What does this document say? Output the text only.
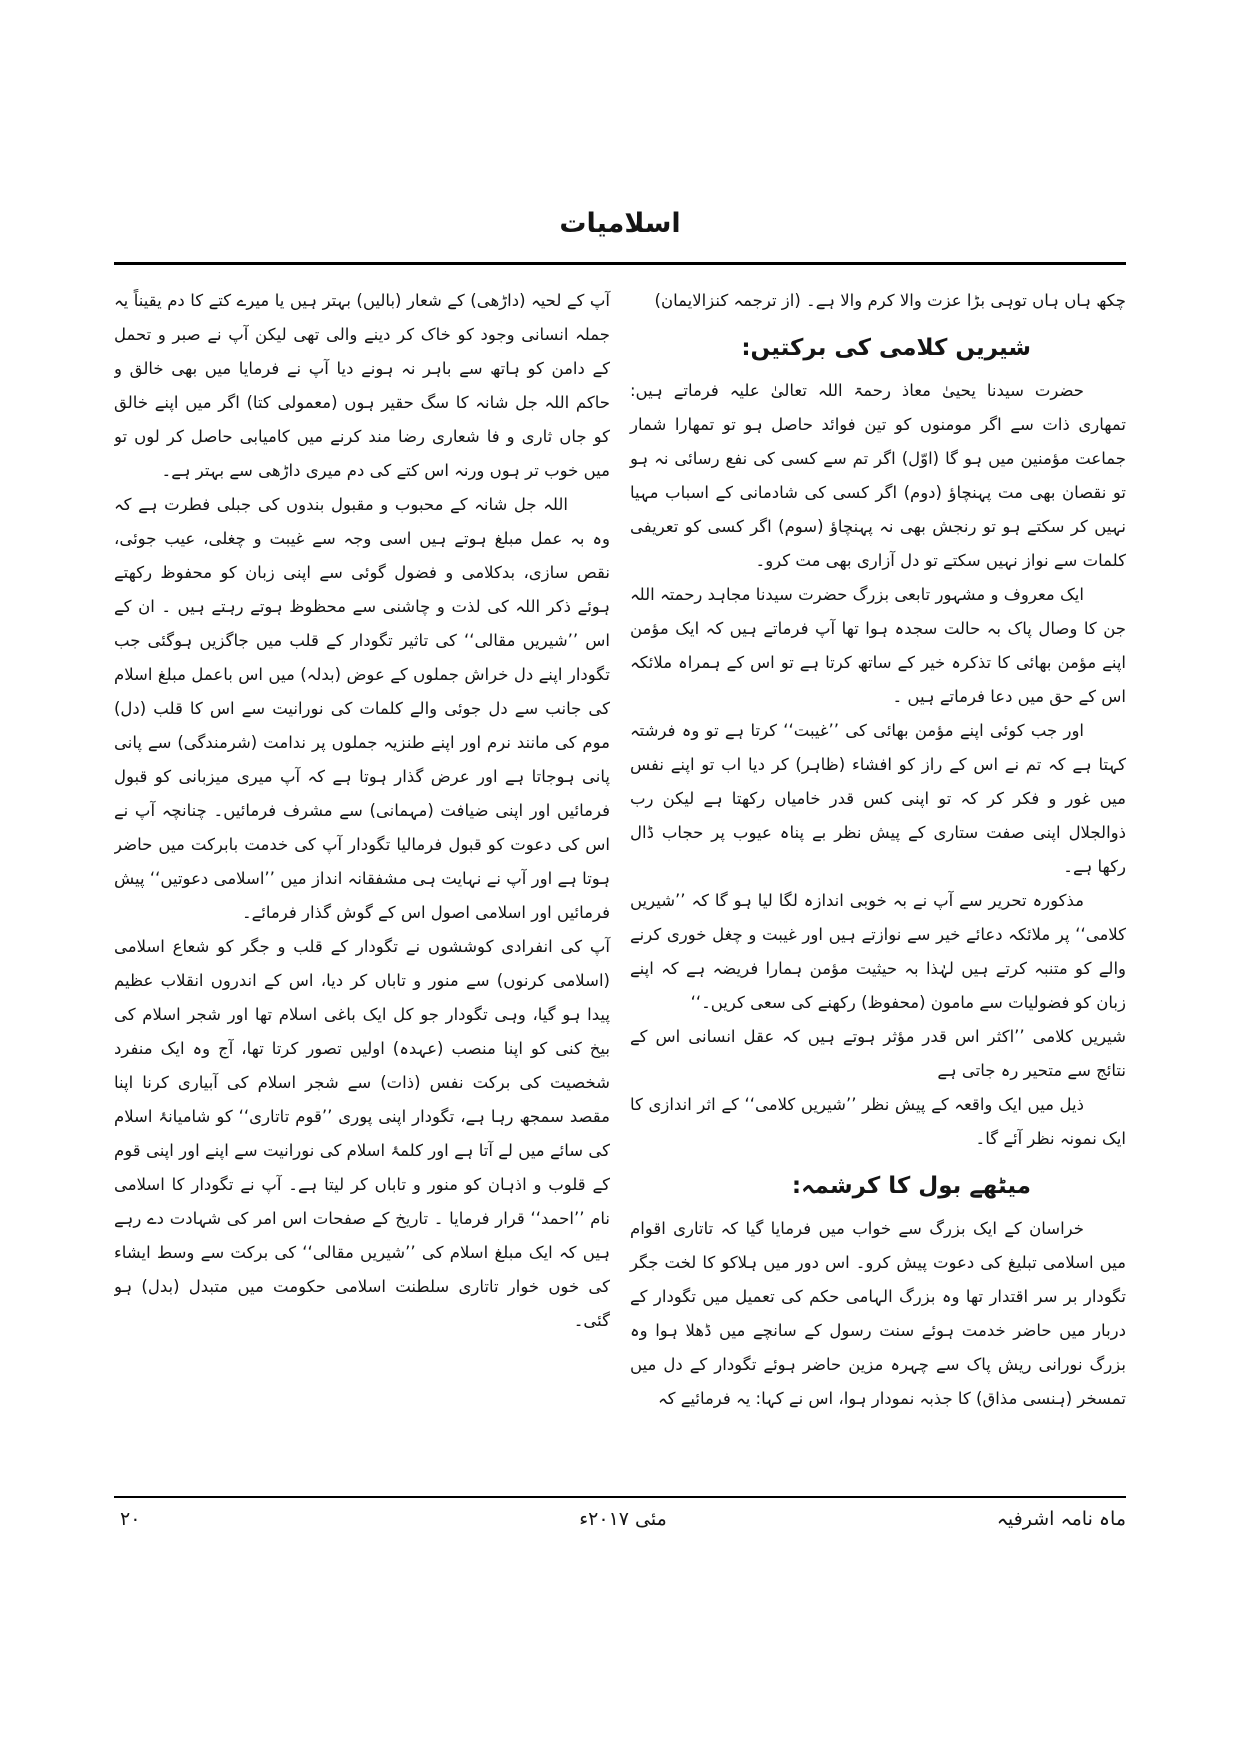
اسلامیات

چکھ ہاں ہاں توہی بڑا عزت والا کرم والا ہے۔ (از ترجمہ کنزالایمان)

شیریں کلامی کی برکتیں:

حضرت سیدنا یحییٰ معاذ رحمۃ اللہ تعالیٰ علیہ فرماتے ہیں: تمھاری ذات سے اگر مومنوں کو تین فوائد حاصل ہو تو تمھارا شمار جماعت مؤمنین میں ہو گا (اوّل) اگر تم سے کسی کی نفع رسائی نہ ہو تو نقصان بھی مت پہنچاؤ (دوم) اگر کسی کی شادمانی کے اسباب مہیا نہیں کر سکتے ہو تو رنجش بھی نہ پہنچاؤ (سوم) اگر کسی کو تعریفی کلمات سے نواز نہیں سکتے تو دل آزاری بھی مت کرو۔

ایک معروف و مشہور تابعی بزرگ حضرت سیدنا مجاہد رحمتہ اللہ جن کا وصال پاک بہ حالت سجدہ ہوا تھا آپ فرماتے ہیں کہ ایک مؤمن اپنے مؤمن بھائی کا تذکرہ خیر کے ساتھ کرتا ہے تو اس کے ہمراہ ملائکہ اس کے حق میں دعا فرماتے ہیں ۔

اور جب کوئی اپنے مؤمن بھائی کی ’’غیبت‘‘ کرتا ہے تو وہ فرشتہ کہتا ہے کہ تم نے اس کے راز کو افشاء (ظاہر) کر دیا اب تو اپنے نفس میں غور و فکر کر کہ تو اپنی کس قدر خامیاں رکھتا ہے لیکن رب ذوالجلال اپنی صفت ستاری کے پیش نظر بے پناہ عیوب پر حجاب ڈال رکھا ہے۔

مذکورہ تحریر سے آپ نے بہ خوبی اندازہ لگا لیا ہو گا کہ ’’شیریں کلامی‘‘ پر ملائکہ دعائے خیر سے نوازتے ہیں اور غیبت و چغل خوری کرنے والے کو متنبہ کرتے ہیں لہٰذا بہ حیثیت مؤمن ہمارا فریضہ ہے کہ اپنے زبان کو فضولیات سے مامون (محفوظ) رکھنے کی سعی کریں۔‘‘

شیریں کلامی ’’اکثر اس قدر مؤثر ہوتے ہیں کہ عقل انسانی اس کے نتائج سے متحیر رہ جاتی ہے

ذیل میں ایک واقعہ کے پیش نظر ’’شیریں کلامی‘‘ کے اثر اندازی کا ایک نمونہ نظر آئے گا۔

میٹھے بول کا کرشمہ:

خراسان کے ایک بزرگ سے خواب میں فرمایا گیا کہ تاتاری اقوام میں اسلامی تبلیغ کی دعوت پیش کرو۔ اس دور میں ہلاکو کا لخت جگر تگودار بر سر اقتدار تھا وہ بزرگ الہامی حکم کی تعمیل میں تگودار کے دربار میں حاضر خدمت ہوئے سنت رسول کے سانچے میں ڈھلا ہوا وہ بزرگ نورانی ریش پاک سے چہرہ مزین حاضر ہوئے تگودار کے دل میں تمسخر (ہنسی مذاق) کا جذبہ نمودار ہوا، اس نے کہا: یہ فرمائیے کہ

آپ کے لحیہ (داڑھی) کے شعار (بالیں) بہتر ہیں یا میرے کتے کا دم یقیناً یہ جملہ انسانی وجود کو خاک کر دینے والی تھی لیکن آپ نے صبر و تحمل کے دامن کو ہاتھ سے باہر نہ ہونے دیا آپ نے فرمایا میں بھی خالق و حاکم اللہ جل شانہ کا سگ حقیر ہوں (معمولی کتا) اگر میں اپنے خالق کو جاں ثاری و فا شعاری رضا مند کرنے میں کامیابی حاصل کر لوں تو میں خوب تر ہوں ورنہ اس کتے کی دم میری داڑھی سے بہتر ہے۔

اللہ جل شانہ کے محبوب و مقبول بندوں کی جبلی فطرت ہے کہ وہ بہ عمل مبلغ ہوتے ہیں اسی وجہ سے غیبت و چغلی، عیب جوئی، نقص سازی، بدکلامی و فضول گوئی سے اپنی زبان کو محفوظ رکھتے ہوئے ذکر اللہ کی لذت و چاشنی سے محظوظ ہوتے رہتے ہیں ۔ ان کے اس ’’شیریں مقالی‘‘ کی تاثیر تگودار کے قلب میں جاگزیں ہوگئی جب تگودار اپنے دل خراش جملوں کے عوض (بدلہ) میں اس باعمل مبلغ اسلام کی جانب سے دل جوئی والے کلمات کی نورانیت سے اس کا قلب (دل) موم کی مانند نرم اور اپنے طنزیہ جملوں پر ندامت (شرمندگی) سے پانی پانی ہوجاتا ہے اور عرض گذار ہوتا ہے کہ آپ میری میزبانی کو قبول فرمائیں اور اپنی ضیافت (مہمانی) سے مشرف فرمائیں۔ چنانچہ آپ نے اس کی دعوت کو قبول فرمالیا تگودار آپ کی خدمت بابرکت میں حاضر ہوتا ہے اور آپ نے نہایت ہی مشفقانہ انداز میں ’’اسلامی دعوتیں‘‘ پیش فرمائیں اور اسلامی اصول اس کے گوش گذار فرمائے۔

آپ کی انفرادی کوششوں نے تگودار کے قلب و جگر کو شعاع اسلامی (اسلامی کرنوں) سے منور و تاباں کر دیا، اس کے اندروں انقلاب عظیم پیدا ہو گیا، وہی تگودار جو کل ایک باغی اسلام تھا اور شجر اسلام کی بیخ کنی کو اپنا منصب (عہدہ) اولیں تصور کرتا تھا، آج وہ ایک منفرد شخصیت کی برکت نفس (ذات) سے شجر اسلام کی آبیاری کرنا اپنا مقصد سمجھ رہا ہے، تگودار اپنی پوری ’’قوم تاتاری‘‘ کو شامیانۂ اسلام کی سائے میں لے آتا ہے اور کلمۂ اسلام کی نورانیت سے اپنے اور اپنی قوم کے قلوب و اذہان کو منور و تاباں کر لیتا ہے۔ آپ نے تگودار کا اسلامی نام ’’احمد‘‘ قرار فرمایا ۔ تاریخ کے صفحات اس امر کی شہادت دے رہے ہیں کہ ایک مبلغ اسلام کی ’’شیریں مقالی‘‘ کی برکت سے وسط ایشاء کی خوں خوار تاتاری سلطنت اسلامی حکومت میں متبدل (بدل) ہو گئی۔

ماہ نامہ اشرفیہ
مئی ۲۰۱۷ء
۲۰
